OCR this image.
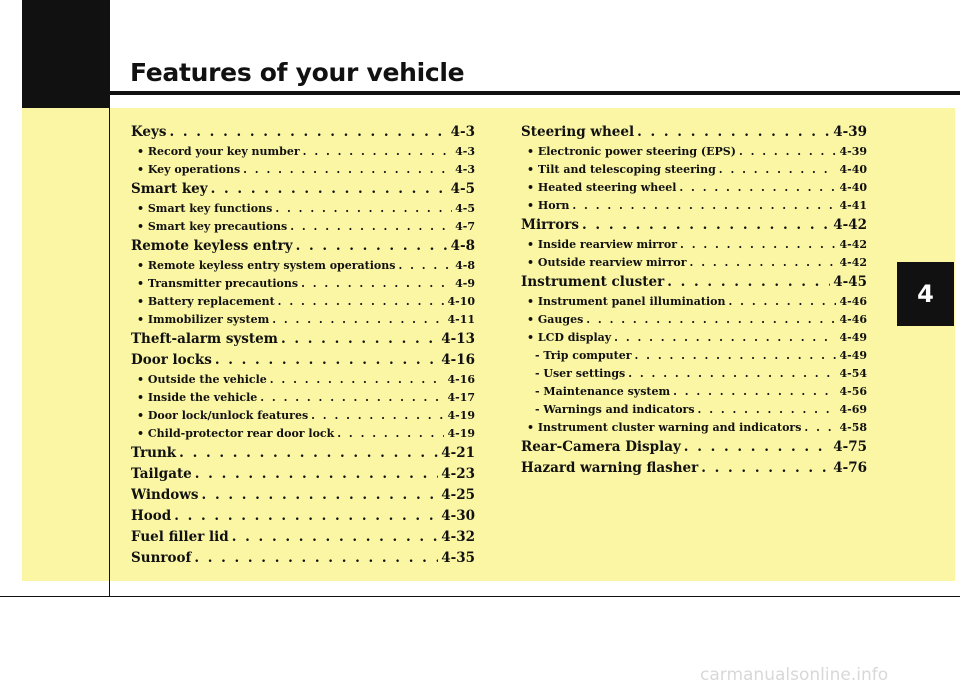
Features of your vehicle
4
Keys . . .	4-3
• Record your key number . . .	4-3
• Key operations . . .	4-3
Smart key . . .	4-5
• Smart key functions . . .	4-5
• Smart key precautions . . .	4-7
Remote keyless entry . . .	4-8
• Remote keyless entry system operations . . .	4-8
• Transmitter precautions . . .	4-9
• Battery replacement . . .	4-10
• Immobilizer system . . .	4-11
Theft-alarm system . . .	4-13
Door locks . . .	4-16
• Outside the vehicle . . .	4-16
• Inside the vehicle . . .	4-17
• Door lock/unlock features . . .	4-19
• Child-protector rear door lock . . .	4-19
Trunk . . .	4-21
Tailgate . . .	4-23
Windows . . .	4-25
Hood . . .	4-30
Fuel filler lid . . .	4-32
Sunroof . . .	4-35
Steering wheel . . .	4-39
• Electronic power steering (EPS) . . .	4-39
• Tilt and telescoping steering . . .	4-40
• Heated steering wheel . . .	4-40
• Horn . . .	4-41
Mirrors . . .	4-42
• Inside rearview mirror . . .	4-42
• Outside rearview mirror . . .	4-42
Instrument cluster . . .	4-45
• Instrument panel illumination . . .	4-46
• Gauges . . .	4-46
• LCD display . . .	4-49
- Trip computer . . .	4-49
- User settings . . .	4-54
- Maintenance system . . .	4-56
- Warnings and indicators . . .	4-69
• Instrument cluster warning and indicators . . .	4-58
Rear-Camera Display . . .	4-75
Hazard warning flasher . . .	4-76
carmanualsonline.info
